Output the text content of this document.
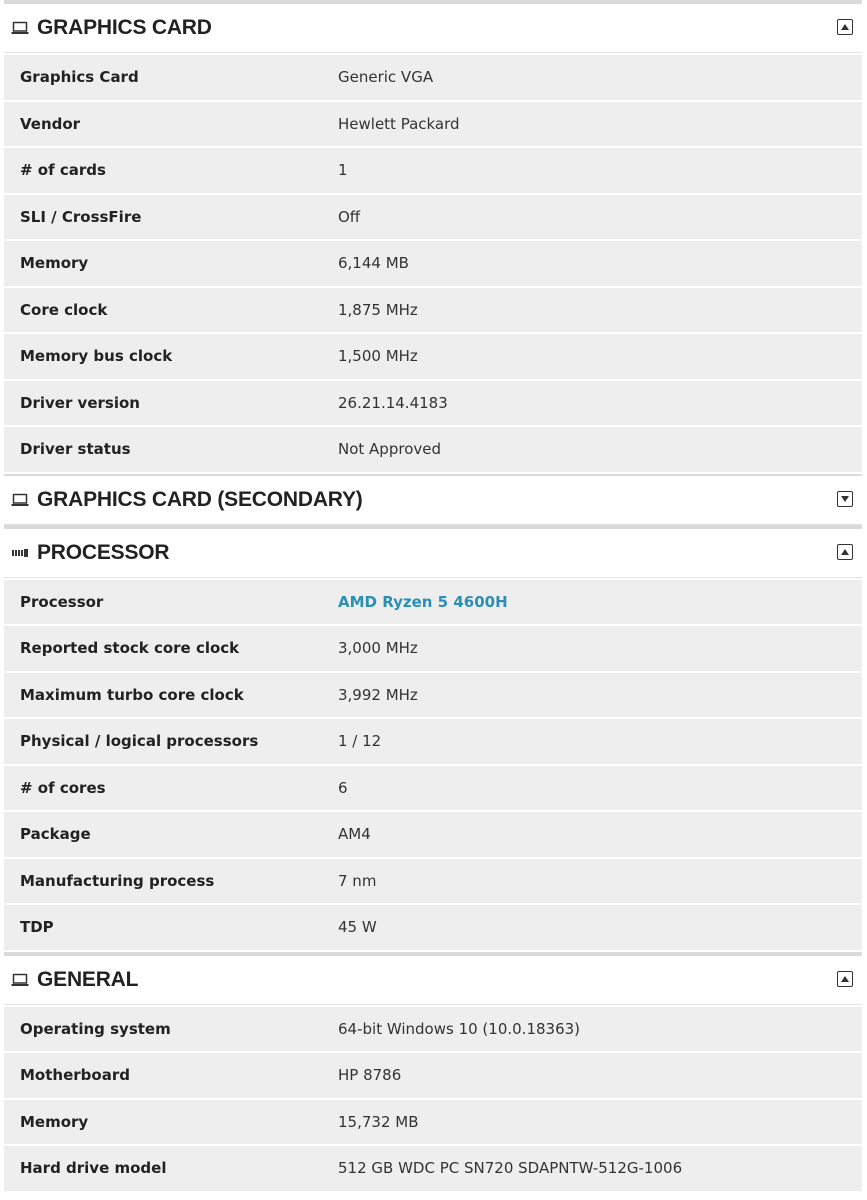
GRAPHICS CARD
Graphics Card	Generic VGA
Vendor	Hewlett Packard
# of cards	1
SLI / CrossFire	Off
Memory	6,144 MB
Core clock	1,875 MHz
Memory bus clock	1,500 MHz
Driver version	26.21.14.4183
Driver status	Not Approved
GRAPHICS CARD (SECONDARY)
PROCESSOR
Processor	AMD Ryzen 5 4600H
Reported stock core clock	3,000 MHz
Maximum turbo core clock	3,992 MHz
Physical / logical processors	1 / 12
# of cores	6
Package	AM4
Manufacturing process	7 nm
TDP	45 W
GENERAL
Operating system	64-bit Windows 10 (10.0.18363)
Motherboard	HP 8786
Memory	15,732 MB
Hard drive model	512 GB WDC PC SN720 SDAPNTW-512G-1006
